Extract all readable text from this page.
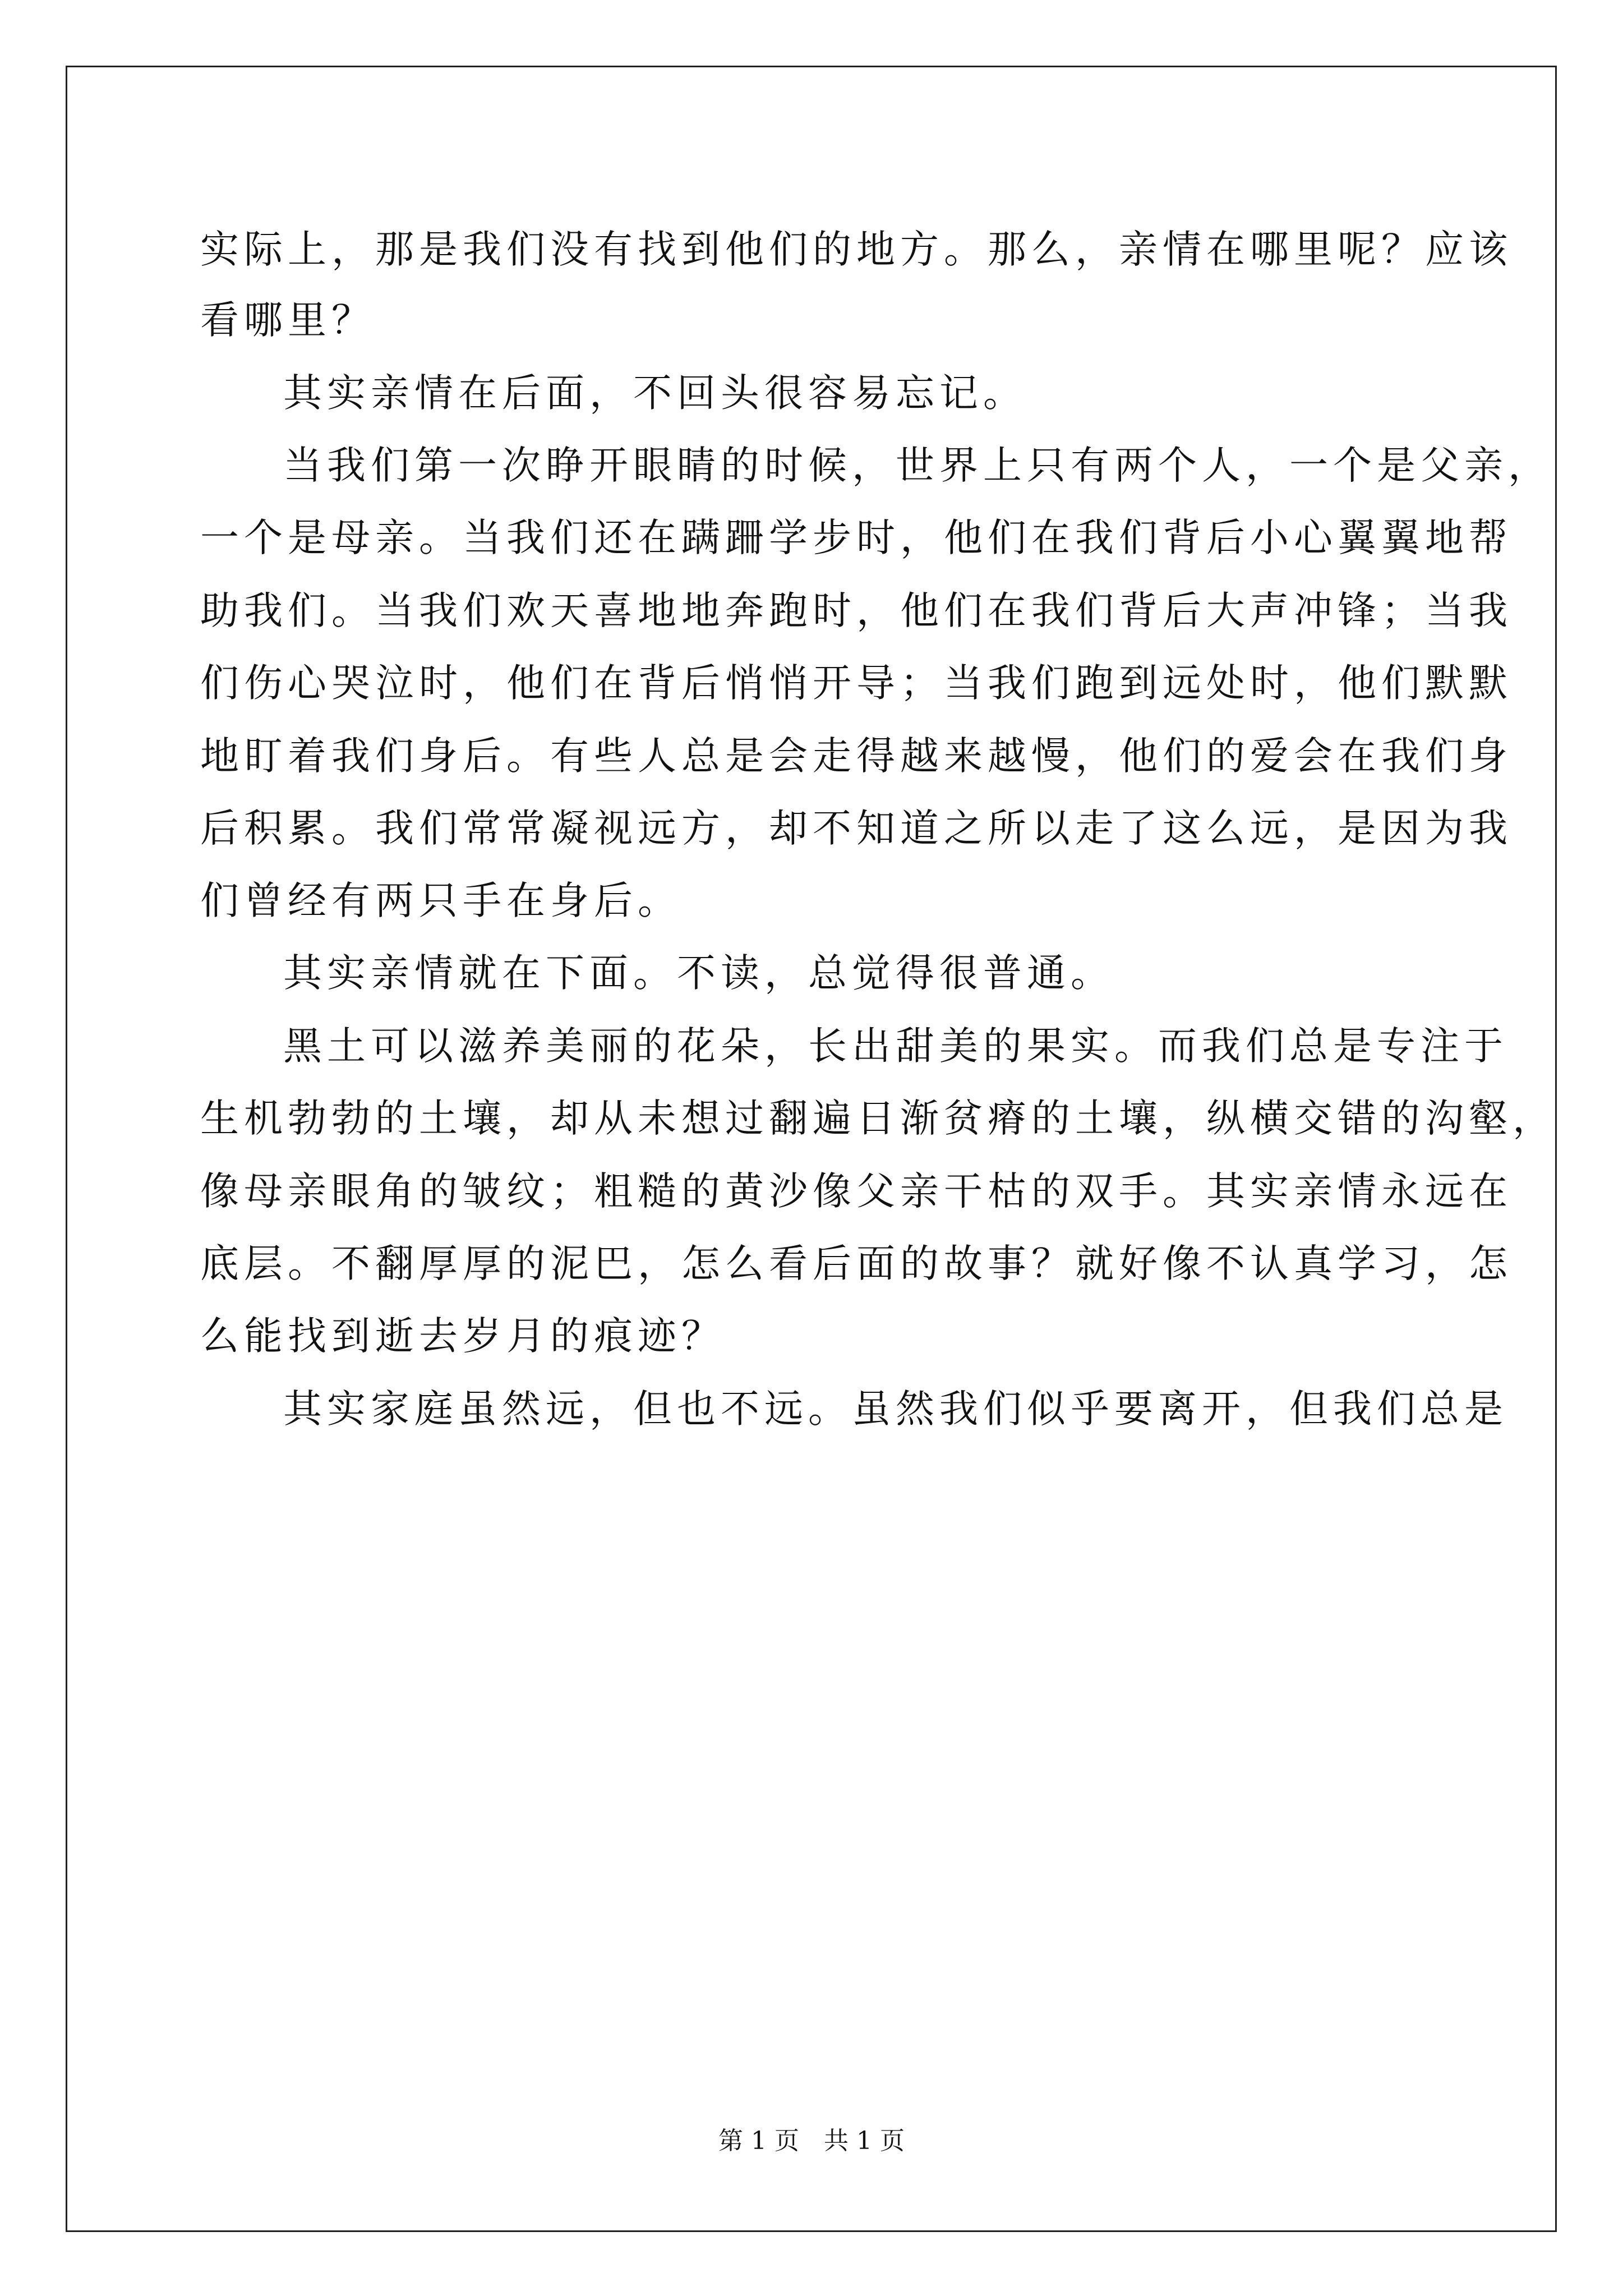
实际上，那是我们没有找到他们的地方。那么，亲情在哪里呢？应该
看哪里？
其实亲情在后面，不回头很容易忘记。
当我们第一次睁开眼睛的时候，世界上只有两个人，一个是父亲，
一个是母亲。当我们还在蹒跚学步时，他们在我们背后小心翼翼地帮
助我们。当我们欢天喜地地奔跑时，他们在我们背后大声冲锋；当我
们伤心哭泣时，他们在背后悄悄开导；当我们跑到远处时，他们默默
地盯着我们身后。有些人总是会走得越来越慢，他们的爱会在我们身
后积累。我们常常凝视远方，却不知道之所以走了这么远，是因为我
们曾经有两只手在身后。
其实亲情就在下面。不读，总觉得很普通。
黑土可以滋养美丽的花朵，长出甜美的果实。而我们总是专注于
生机勃勃的土壤，却从未想过翻遍日渐贫瘠的土壤，纵横交错的沟壑，
像母亲眼角的皱纹；粗糙的黄沙像父亲干枯的双手。其实亲情永远在
底层。不翻厚厚的泥巴，怎么看后面的故事？就好像不认真学习，怎
么能找到逝去岁月的痕迹？
其实家庭虽然远，但也不远。虽然我们似乎要离开，但我们总是
第 1 页　共 1 页
